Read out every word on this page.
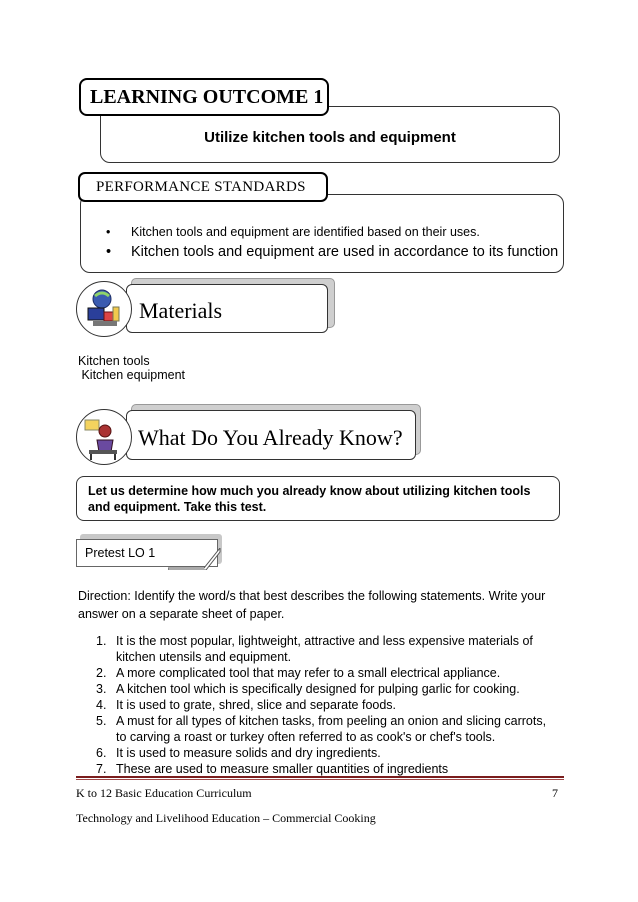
LEARNING OUTCOME 1
Utilize kitchen tools and equipment
PERFORMANCE STANDARDS
• Kitchen tools and equipment are identified based on their uses.
• Kitchen tools and equipment are used in accordance to its function
Materials
Kitchen tools
Kitchen equipment
What Do You Already Know?
Let us determine how much you already know about utilizing kitchen tools and equipment. Take this test.
Pretest LO 1
Direction: Identify the word/s that best describes the following statements. Write your answer on a separate sheet of paper.
1. It is the most popular, lightweight, attractive and less expensive materials of kitchen utensils and equipment.
2. A more complicated tool that may refer to a small electrical appliance.
3. A kitchen tool which is specifically designed for pulping garlic for cooking.
4. It is used to grate, shred, slice and separate foods.
5. A must for all types of kitchen tasks, from peeling an onion and slicing carrots, to carving a roast or turkey often referred to as cook's or chef's tools.
6. It is used to measure solids and dry ingredients.
7. These are used to measure smaller quantities of ingredients
K to 12 Basic Education Curriculum	7
Technology and Livelihood Education – Commercial Cooking
